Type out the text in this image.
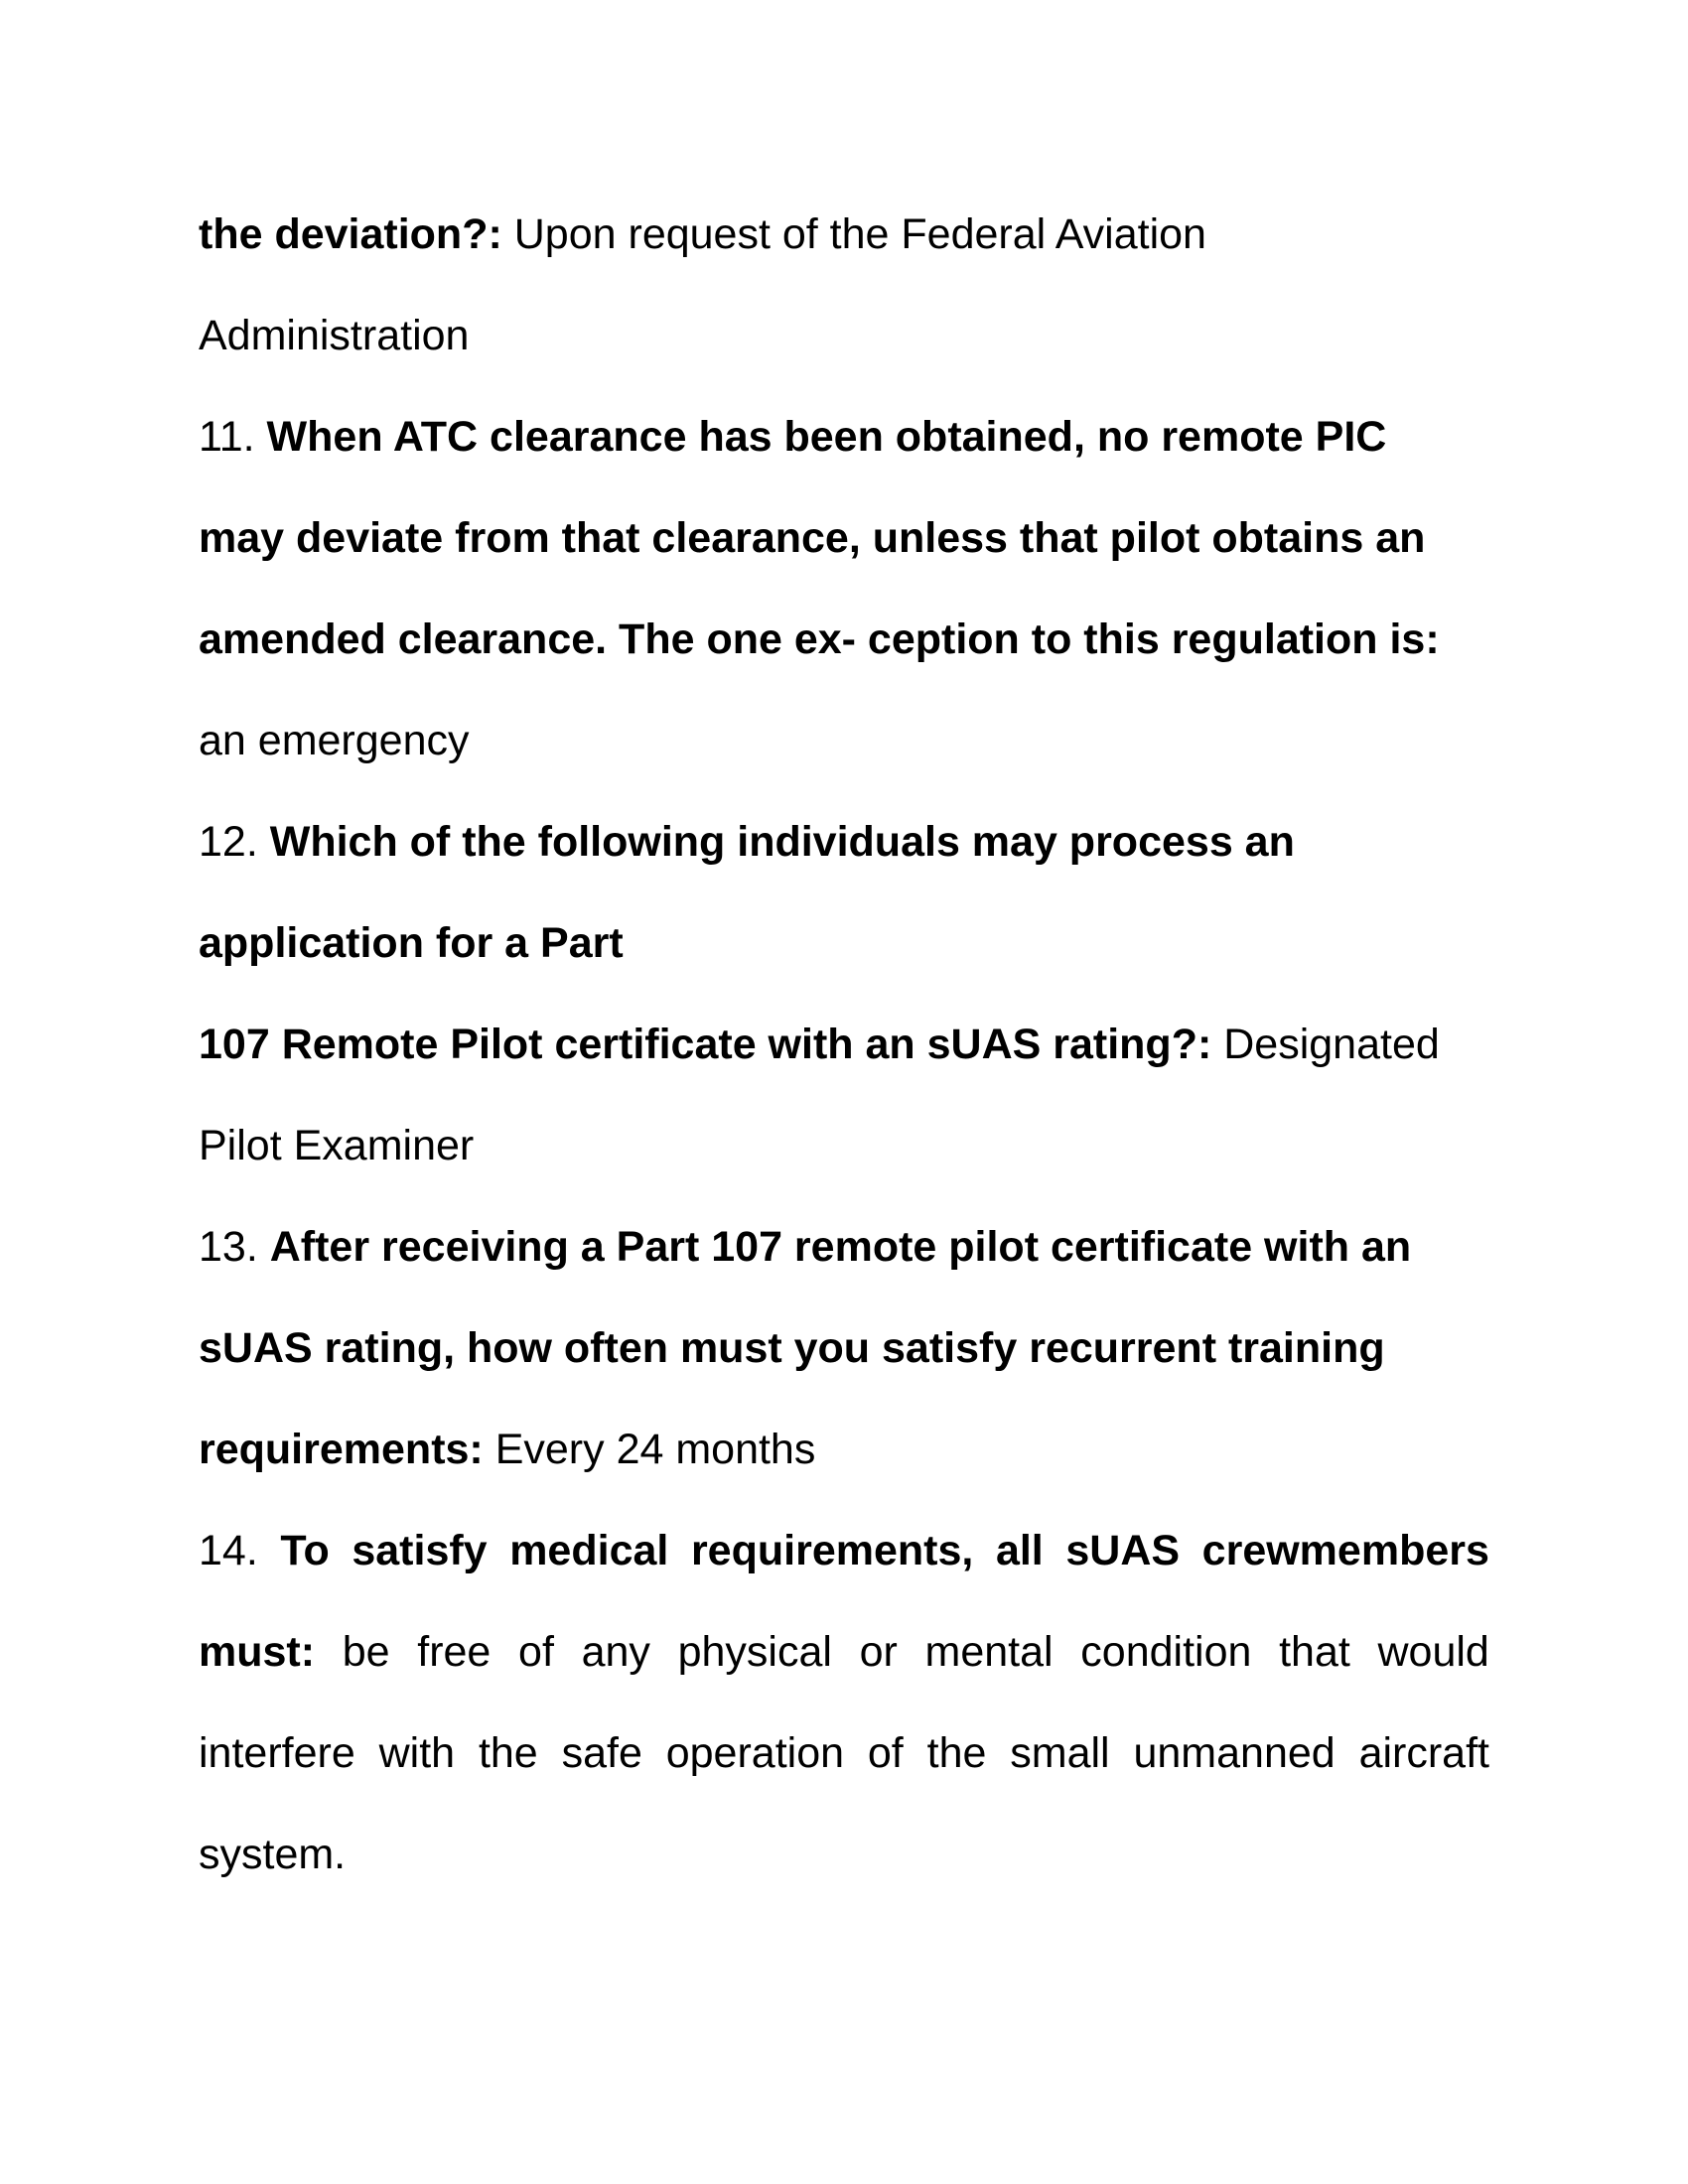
the deviation?: Upon request of the Federal Aviation
Administration
11. When ATC clearance has been obtained, no remote PIC
may deviate from that clearance, unless that pilot obtains an
amended clearance. The one ex- ception to this regulation is:
an emergency
12. Which of the following individuals may process an
application for a Part
107 Remote Pilot certificate with an sUAS rating?: Designated
Pilot Examiner
13. After receiving a Part 107 remote pilot certificate with an
sUAS rating, how often must you satisfy recurrent training
requirements: Every 24 months
14. To satisfy medical requirements, all sUAS crewmembers
must: be free of any physical or mental condition that would
interfere with the safe operation of the small unmanned aircraft
system.
